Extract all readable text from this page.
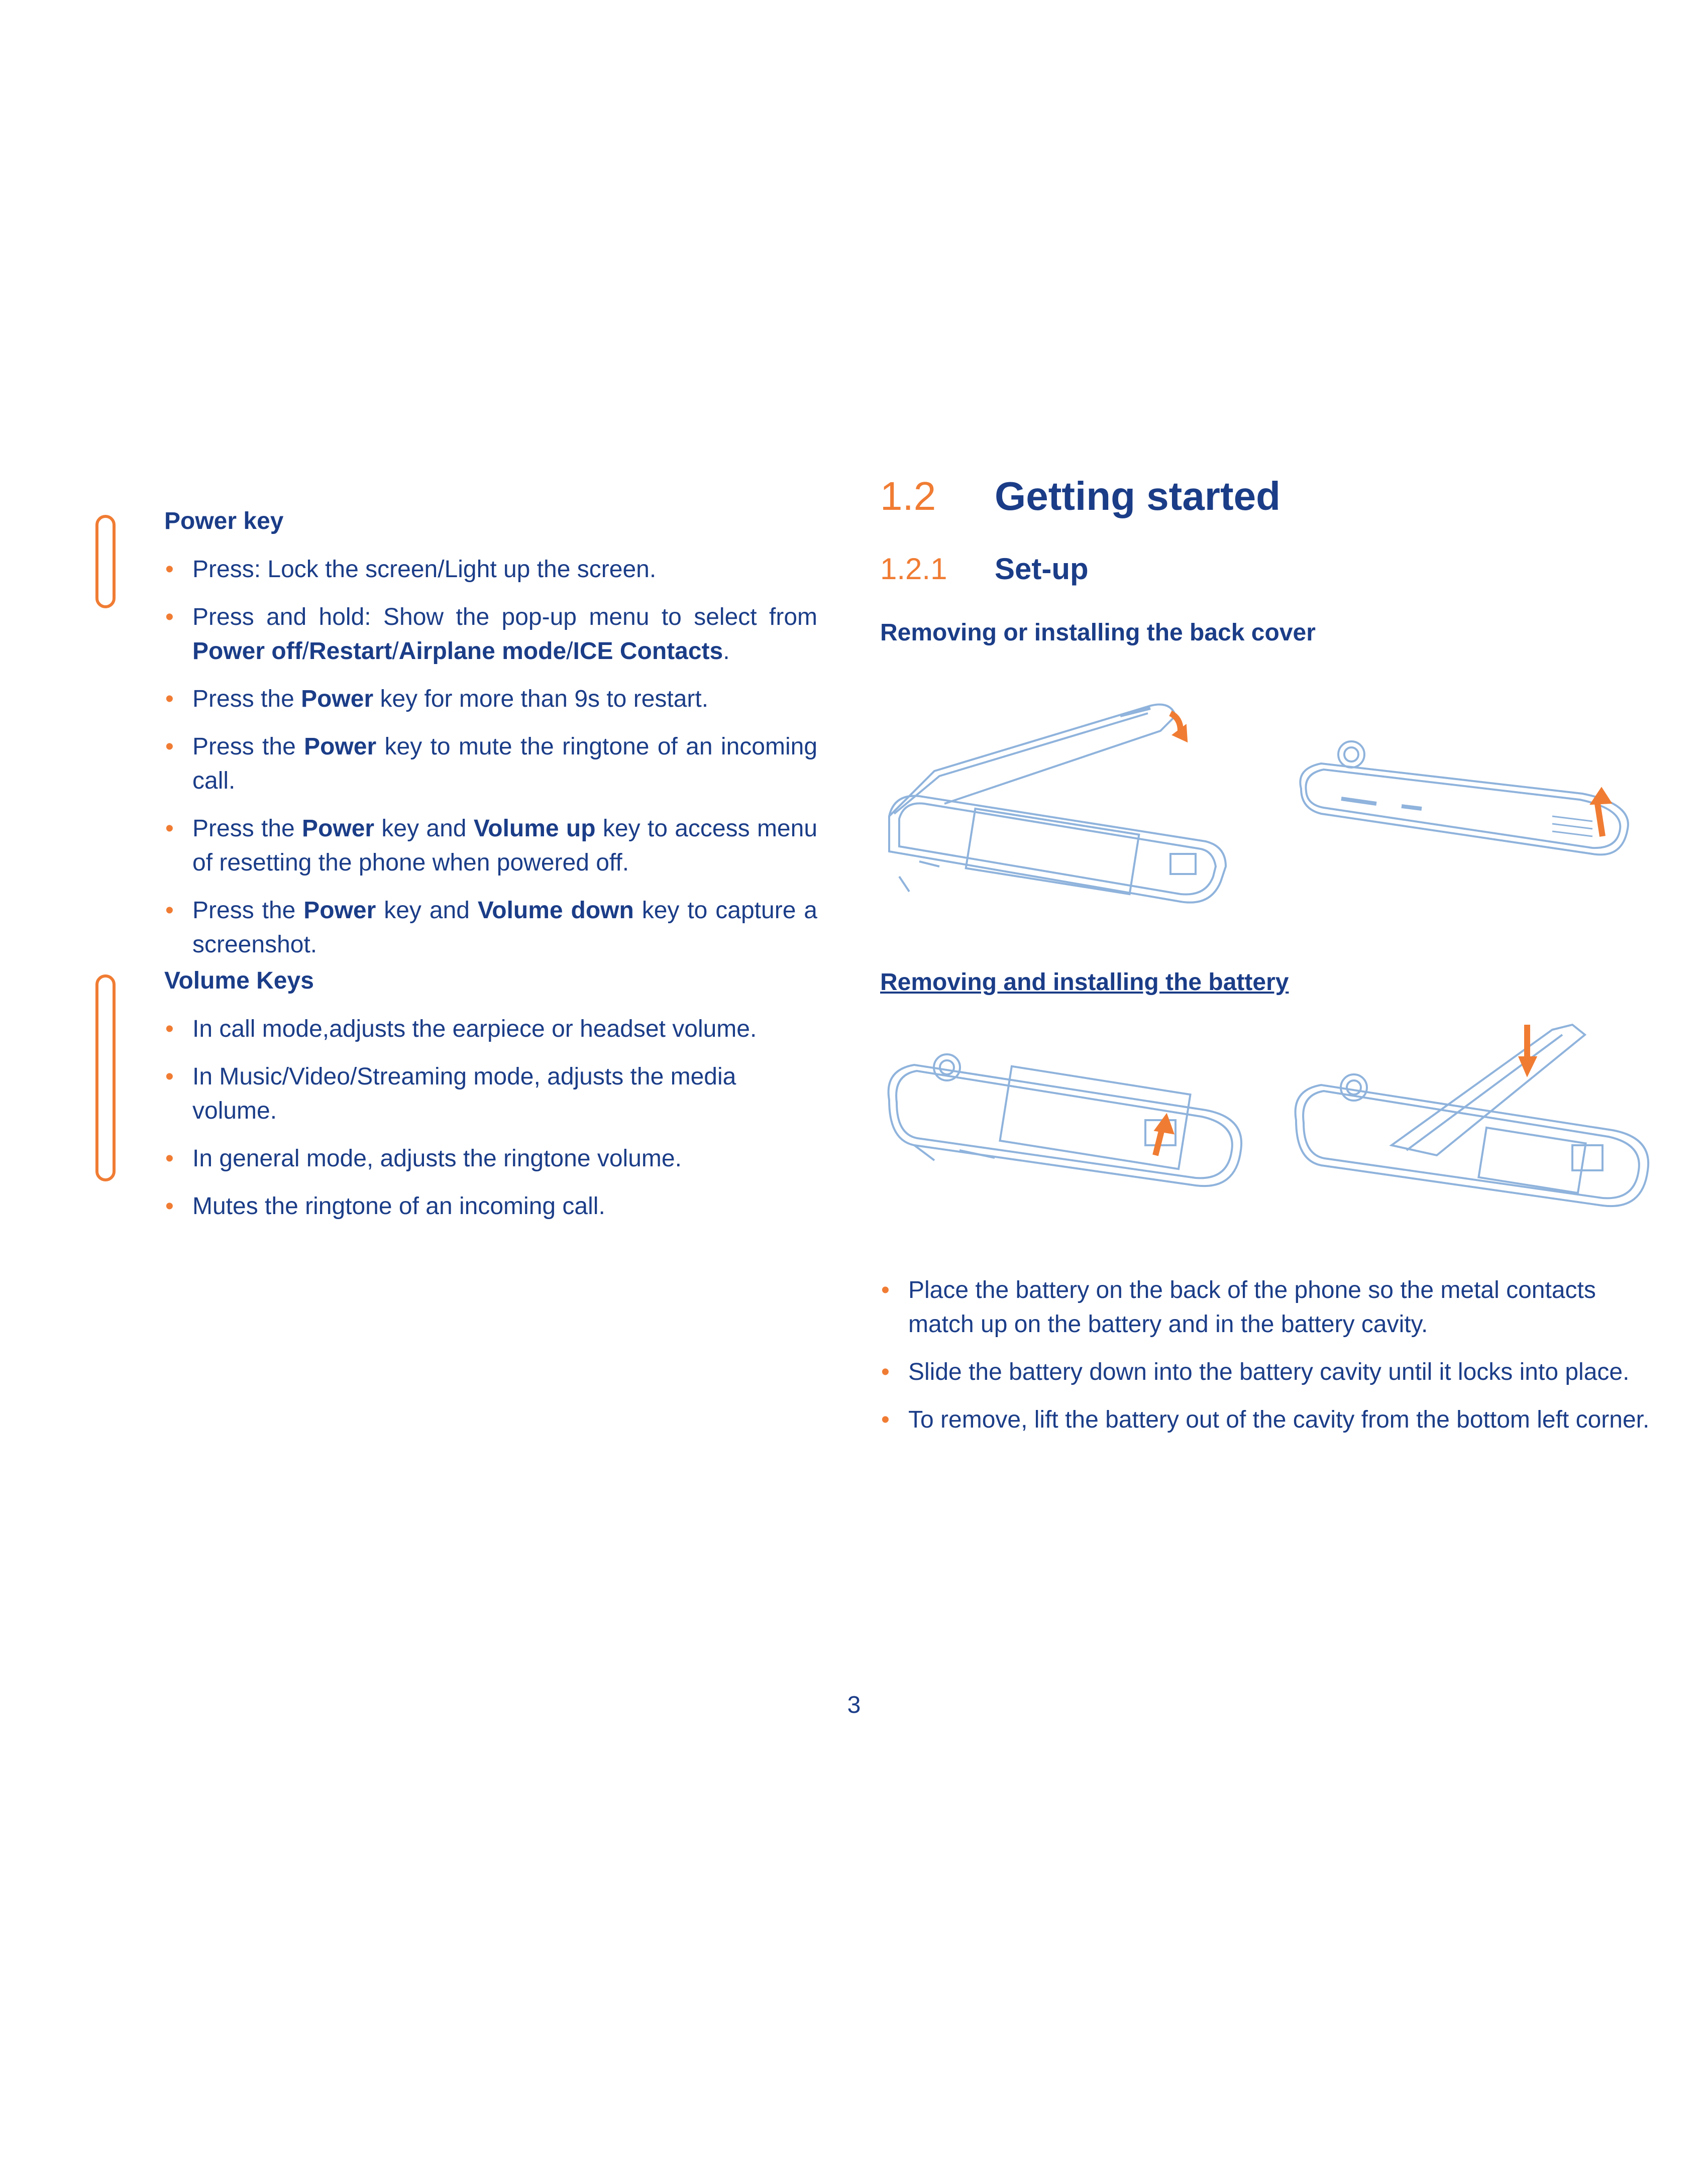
Power key
• Press: Lock the screen/Light up the screen.
• Press and hold: Show the pop-up menu to select from Power off/Restart/Airplane mode/ICE Contacts.
• Press the Power key for more than 9s to restart.
• Press the Power key to mute the ringtone of an incoming call.
• Press the Power key and Volume up key to access menu of resetting the phone when powered off.
• Press the Power key and Volume down key to capture a screenshot.
Volume Keys
• In call mode,adjusts the earpiece or headset volume.
• In Music/Video/Streaming mode, adjusts the media volume.
• In general mode, adjusts the ringtone volume.
• Mutes the ringtone of an incoming call.
1.2 Getting started
1.2.1 Set-up
Removing or installing the back cover
Removing and installing the battery
• Place the battery on the back of the phone so the metal contacts match up on the battery and in the battery cavity.
• Slide the battery down into the battery cavity until it locks into place.
• To remove, lift the battery out of the cavity from the bottom left corner.
3
